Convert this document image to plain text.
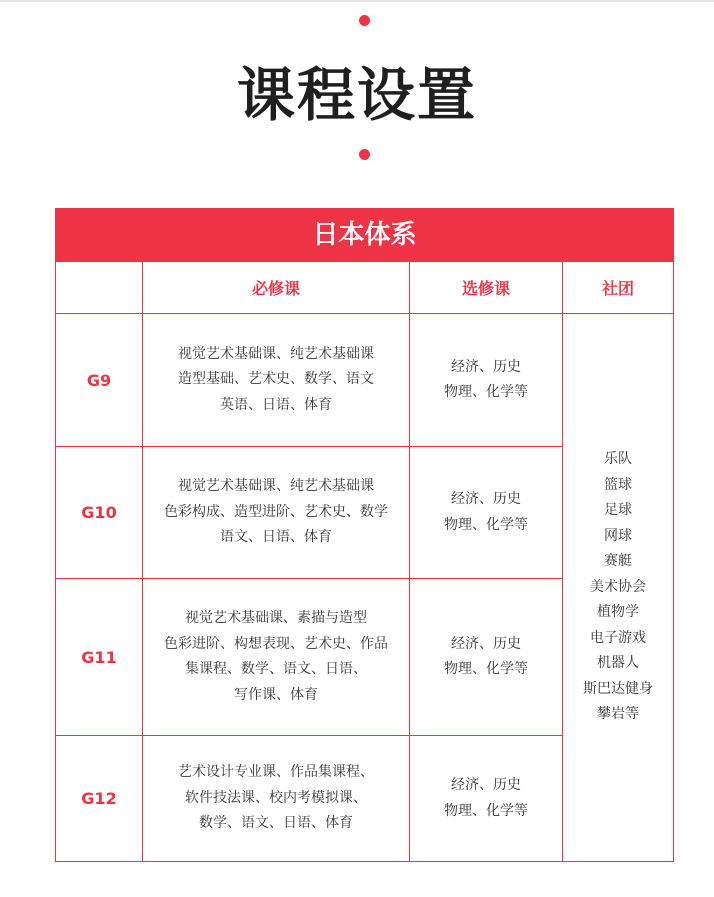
课程设置
日本体系
必修课	选修课	社团
G9
视觉艺术基础课、纯艺术基础课
造型基础、艺术史、数学、语文
英语、日语、体育
经济、历史
物理、化学等
G10
视觉艺术基础课、纯艺术基础课
色彩构成、造型进阶、艺术史、数学
语文、日语、体育
经济、历史
物理、化学等
G11
视觉艺术基础课、素描与造型
色彩进阶、构想表现、艺术史、作品
集课程、数学、语文、日语、
写作课、体育
经济、历史
物理、化学等
G12
艺术设计专业课、作品集课程、
软件技法课、校内考模拟课、
数学、语文、日语、体育
经济、历史
物理、化学等
乐队
篮球
足球
网球
赛艇
美术协会
植物学
电子游戏
机器人
斯巴达健身
攀岩等
